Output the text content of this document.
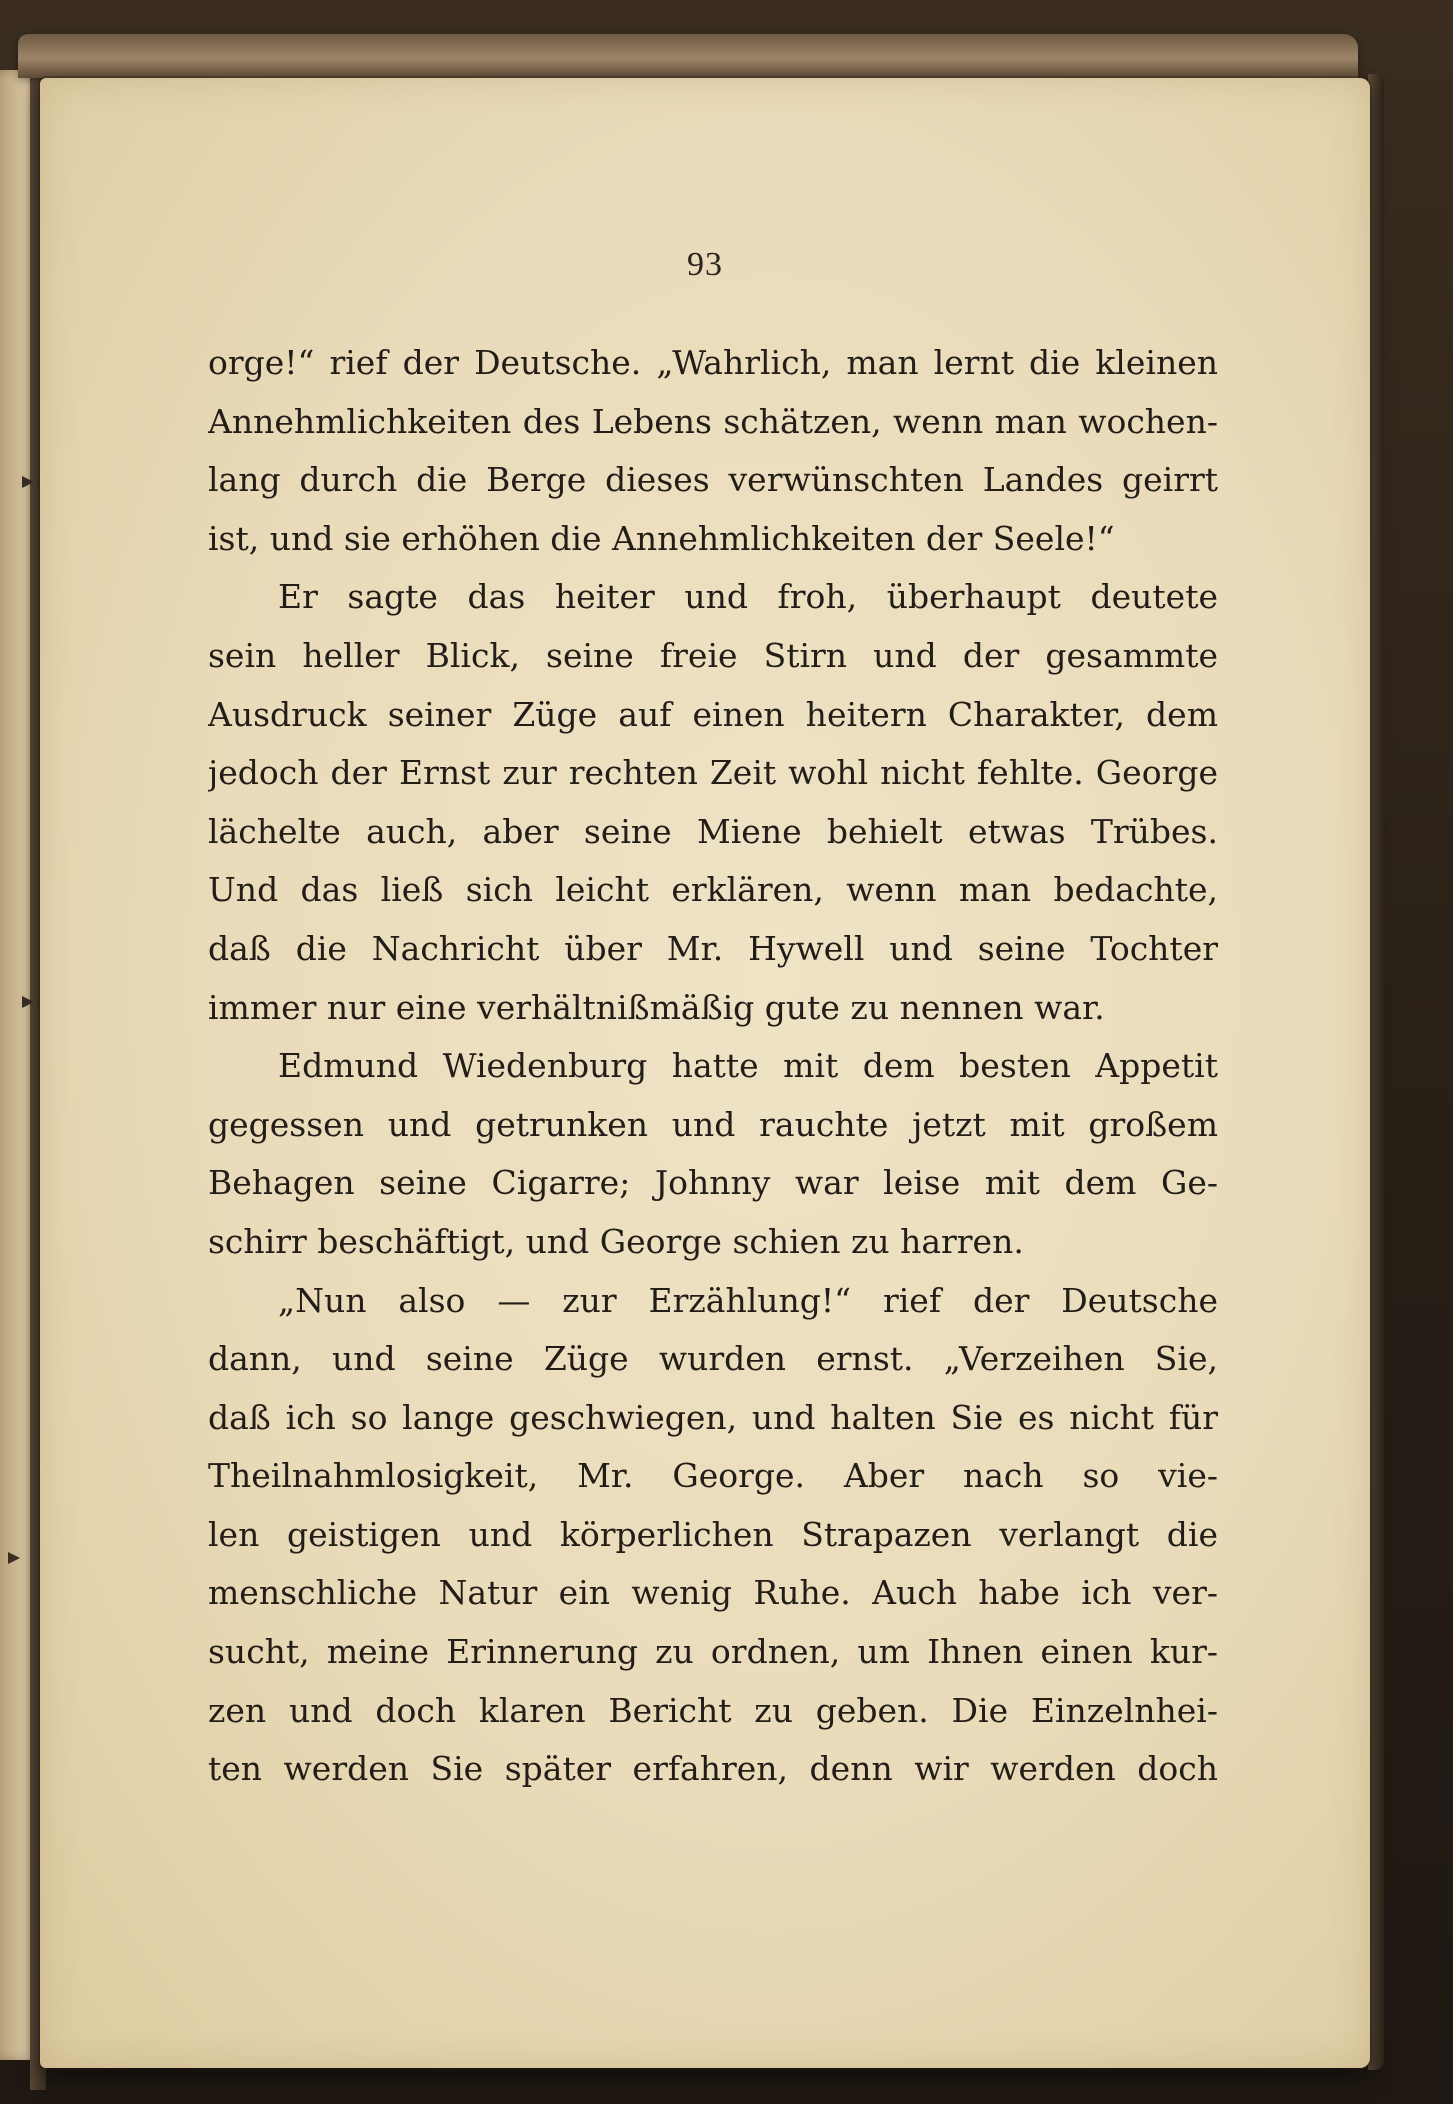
93
orge!“ rief der Deutsche. „Wahrlich, man lernt die kleinen
Annehmlichkeiten des Lebens schätzen, wenn man wochen-
lang durch die Berge dieses verwünschten Landes geirrt
ist, und sie erhöhen die Annehmlichkeiten der Seele!“
Er sagte das heiter und froh, überhaupt deutete
sein heller Blick, seine freie Stirn und der gesammte
Ausdruck seiner Züge auf einen heitern Charakter, dem
jedoch der Ernst zur rechten Zeit wohl nicht fehlte. George
lächelte auch, aber seine Miene behielt etwas Trübes.
Und das ließ sich leicht erklären, wenn man bedachte,
daß die Nachricht über Mr. Hywell und seine Tochter
immer nur eine verhältnißmäßig gute zu nennen war.
Edmund Wiedenburg hatte mit dem besten Appetit
gegessen und getrunken und rauchte jetzt mit großem
Behagen seine Cigarre; Johnny war leise mit dem Ge-
schirr beschäftigt, und George schien zu harren.
„Nun also — zur Erzählung!“ rief der Deutsche
dann, und seine Züge wurden ernst. „Verzeihen Sie,
daß ich so lange geschwiegen, und halten Sie es nicht für
Theilnahmlosigkeit, Mr. George. Aber nach so vie-
len geistigen und körperlichen Strapazen verlangt die
menschliche Natur ein wenig Ruhe. Auch habe ich ver-
sucht, meine Erinnerung zu ordnen, um Ihnen einen kur-
zen und doch klaren Bericht zu geben. Die Einzelnhei-
ten werden Sie später erfahren, denn wir werden doch
